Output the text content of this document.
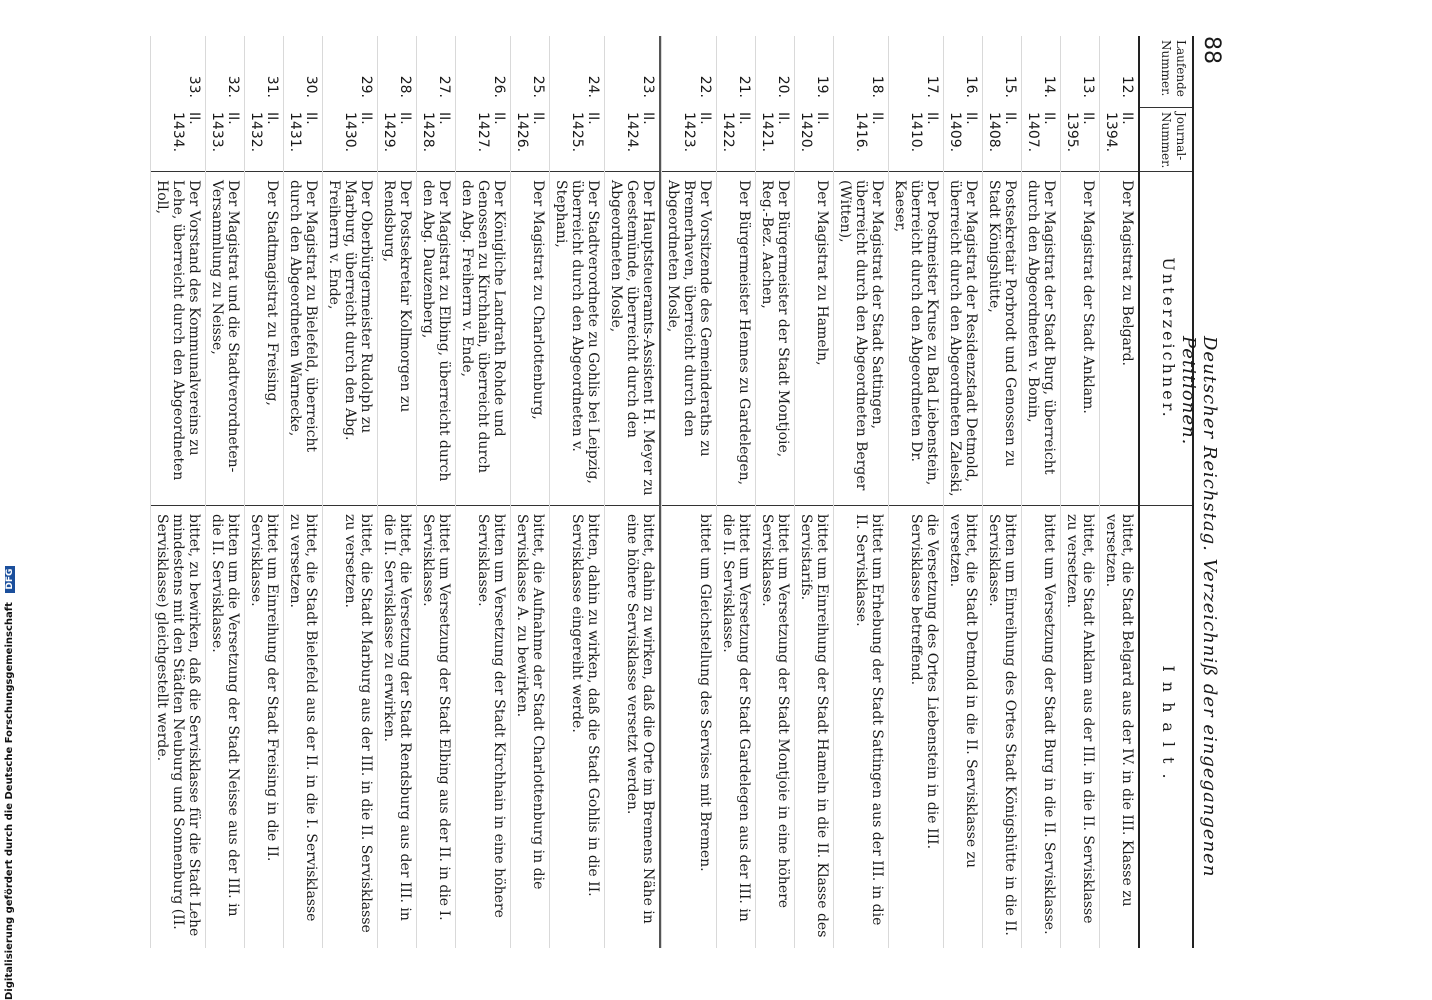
88
Deutscher Reichstag. Verzeichniß der eingegangenen Petitionen.
Laufende Nummer.
Journal-Nummer.
Unterzeichner.
Inhalt.
12.
II. 1394.
Der Magistrat zu Belgard.
bittet, die Stadt Belgard aus der IV. in die III. Klasse zu versetzen.
13.
II. 1395.
Der Magistrat der Stadt Anklam.
bittet, die Stadt Anklam aus der III. in die II. Servisklasse zu versetzen.
14.
II. 1407.
Der Magistrat der Stadt Burg, überreicht durch den Abgeordneten v. Bonin,
bittet um Versetzung der Stadt Burg in die II. Servisklasse.
15.
II. 1408.
Postsekretair Porbrodt und Genossen zu Stadt Königshütte,
bitten um Einreihung des Ortes Stadt Königshütte in die II. Servisklasse.
16.
II. 1409.
Der Magistrat der Residenzstadt Detmold, überreicht durch den Abgeordneten Zaleski,
bittet, die Stadt Detmold in die II. Servisklasse zu versetzen.
17.
II. 1410.
Der Postmeister Kruse zu Bad Liebenstein, überreicht durch den Abgeordneten Dr. Kaeser,
die Versetzung des Ortes Liebenstein in die III. Servisklasse betreffend.
18.
II. 1416.
Der Magistrat der Stadt Sattingen, überreicht durch den Abgeordneten Berger (Witten),
bittet um Erhebung der Stadt Sattingen aus der III. in die II. Servisklasse.
19.
II. 1420.
Der Magistrat zu Hameln,
bittet um Einreihung der Stadt Hameln in die II. Klasse des Servistarifs.
20.
II. 1421.
Der Bürgermeister der Stadt Montjoie, Reg.-Bez. Aachen,
bittet um Versetzung der Stadt Montjoie in eine höhere Servisklasse.
21.
II. 1422.
Der Bürgermeister Hennes zu Gardelegen,
bittet um Versetzung der Stadt Gardelegen aus der III. in die II. Servisklasse.
22.
II. 1423.
Der Vorsitzende des Gemeinderaths zu Bremerhaven, überreicht durch den Abgeordneten Mosle,
bittet um Gleichstellung des Servises mit Bremen.
23.
II. 1424.
Der Hauptsteueramts-Assistent H. Meyer zu Geestemünde, überreicht durch den Abgeordneten Mosle,
bittet, dahin zu wirken, daß die Orte im Bremens Nähe in eine höhere Servisklasse versetzt werden.
24.
II. 1425.
Der Stadtverordnete zu Gohlis bei Leipzig, überreicht durch den Abgeordneten v. Stephani,
bitten, dahin zu wirken, daß die Stadt Gohlis in die II. Servisklasse eingereiht werde.
25.
II. 1426.
Der Magistrat zu Charlottenburg,
bittet, die Aufnahme der Stadt Charlottenburg in die Servisklasse A. zu bewirken.
26.
II. 1427.
Der Königliche Landrath Rohde und Genossen zu Kirchhain, überreicht durch den Abg. Freiherrn v. Ende,
bitten um Versetzung der Stadt Kirchhain in eine höhere Servisklasse.
27.
II. 1428.
Der Magistrat zu Elbing, überreicht durch den Abg. Dauzenberg,
bittet um Versetzung der Stadt Elbing aus der II. in die I. Servisklasse.
28.
II. 1429.
Der Postsekretair Kollmorgen zu Rendsburg,
bittet, die Versetzung der Stadt Rendsburg aus der III. in die II. Servisklasse zu erwirken.
29.
II. 1430.
Der Oberbürgermeister Rudolph zu Marburg, überreicht durch den Abg. Freiherrn v. Ende,
bittet, die Stadt Marburg aus der III. in die II. Servisklasse zu versetzen.
30.
II. 1431.
Der Magistrat zu Bielefeld, überreicht durch den Abgeordneten Warnecke,
bittet, die Stadt Bielefeld aus der II. in die I. Servisklasse zu versetzen.
31.
II. 1432.
Der Stadtmagistrat zu Freising,
bittet um Einreihung der Stadt Freising in die II. Servisklasse.
32.
II. 1433.
Der Magistrat und die Stadtverordneten-Versammlung zu Neisse,
bitten um die Versetzung der Stadt Neisse aus der III. in die II. Servisklasse.
33.
II. 1434.
Der Vorstand des Kommunalvereins zu Lehe, überreicht durch den Abgeordneten Holl,
bittet, zu bewirken, daß die Servisklasse für die Stadt Lehe mindestens mit den Städten Neuburg und Sonnenburg (II. Servisklasse) gleichgestellt werde.
Digitalisierung gefördert durch die Deutsche Forschungsgemeinschaft DFG
